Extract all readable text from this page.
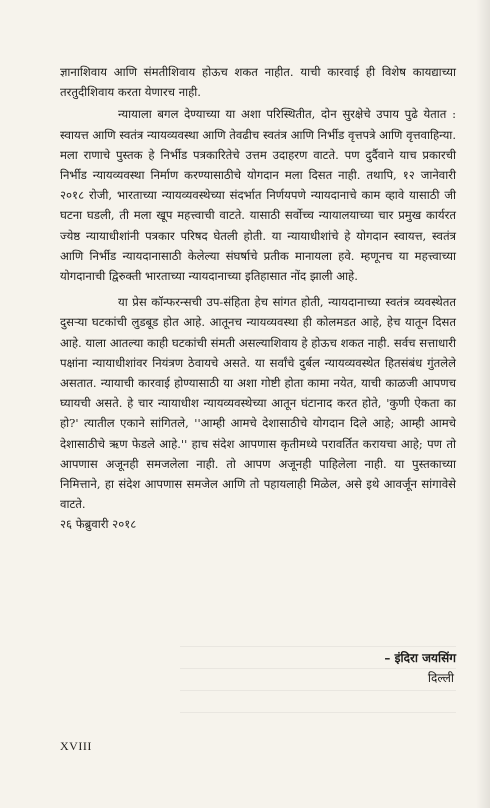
ज्ञानाशिवाय आणि संमतीशिवाय होऊच शकत नाहीत. याची कारवाई ही विशेष कायद्याच्या तरतुदीशिवाय करता येणारच नाही.

न्यायाला बगल देण्याच्या या अशा परिस्थितीत, दोन सुरक्षेचे उपाय पुढे येतात : स्वायत्त आणि स्वतंत्र न्यायव्यवस्था आणि तेवढीच स्वतंत्र आणि निर्भीड वृत्तपत्रे आणि वृत्तवाहिन्या. मला राणाचे पुस्तक हे निर्भीड पत्रकारितेचे उत्तम उदाहरण वाटते. पण दुर्दैवाने याच प्रकारची निर्भीड न्यायव्यवस्था निर्माण करण्यासाठीचे योगदान मला दिसत नाही. तथापि, १२ जानेवारी २०१८ रोजी, भारताच्या न्यायव्यवस्थेच्या संदर्भात निर्णयपणे न्यायदानाचे काम व्हावे यासाठी जी घटना घडली, ती मला खूप महत्त्वाची वाटते. यासाठी सर्वोच्च न्यायालयाच्या चार प्रमुख कार्यरत ज्येष्ठ न्यायाधीशांनी पत्रकार परिषद घेतली होती. या न्यायाधीशांचे हे योगदान स्वायत्त, स्वतंत्र आणि निर्भीड न्यायदानासाठी केलेल्या संघर्षाचे प्रतीक मानायला हवे. म्हणूनच या महत्त्वाच्या योगदानाची द्विरुक्ती भारताच्या न्यायदानाच्या इतिहासात नोंद झाली आहे.

या प्रेस कॉन्फरन्सची उप-संहिता हेच सांगत होती, न्यायदानाच्या स्वतंत्र व्यवस्थेतत दुसऱ्या घटकांची लुडबूड होत आहे. आतूनच न्यायव्यवस्था ही कोलमडत आहे, हेच यातून दिसत आहे. याला आतल्या काही घटकांची संमती असल्याशिवाय हे होऊच शकत नाही. सर्वच सत्ताधारी पक्षांना न्यायाधीशांवर नियंत्रण ठेवायचे असते. या सर्वांचे दुर्बल न्यायव्यवस्थेत हितसंबंध गुंतलेले असतात. न्यायाची कारवाई होण्यासाठी या अशा गोष्टी होता कामा नयेत, याची काळजी आपणच घ्यायची असते. हे चार न्यायाधीश न्यायव्यवस्थेच्या आतून घंटानाद करत होते, 'कुणी ऐकता का हो?' त्यातील एकाने सांगितले, ''आम्ही आमचे देशासाठीचे योगदान दिले आहे; आम्ही आमचे देशासाठीचे ऋण फेडले आहे.'' हाच संदेश आपणास कृतीमध्ये परावर्तित करायचा आहे; पण तो आपणास अजूनही समजलेला नाही. तो आपण अजूनही पाहिलेला नाही. या पुस्तकाच्या निमित्ताने, हा संदेश आपणास समजेल आणि तो पहायलाही मिळेल, असे इथे आवर्जून सांगावेसे वाटते.

२६ फेब्रुवारी २०१८

– इंदिरा जयसिंग
दिल्ली
XVIII
